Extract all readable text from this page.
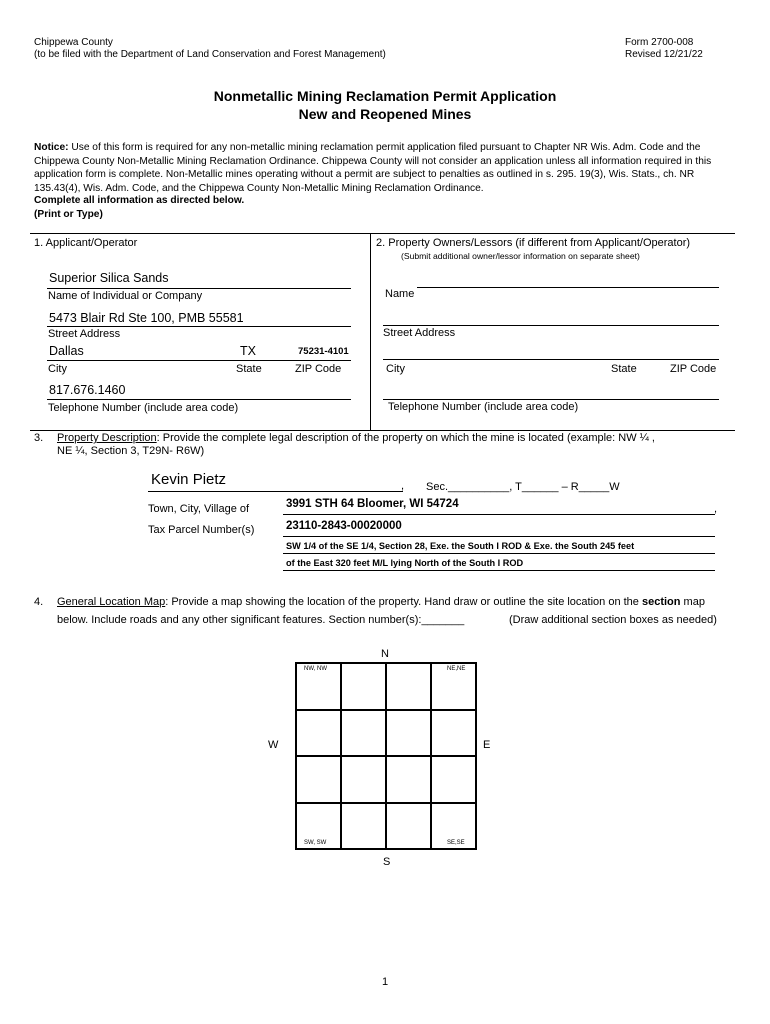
Chippewa County
(to be filed with the Department of Land Conservation and Forest Management)
Form 2700-008
Revised 12/21/22
Nonmetallic Mining Reclamation Permit Application
New and Reopened Mines
Notice: Use of this form is required for any non-metallic mining reclamation permit application filed pursuant to Chapter NR Wis. Adm. Code and the Chippewa County Non-Metallic Mining Reclamation Ordinance. Chippewa County will not consider an application unless all information required in this application form is complete. Non-Metallic mines operating without a permit are subject to penalties as outlined in s. 295. 19(3), Wis. Stats., ch. NR 135.43(4), Wis. Adm. Code, and the Chippewa County Non-Metallic Mining Reclamation Ordinance.
Complete all information as directed below.
(Print or Type)
1. Applicant/Operator
Superior Silica Sands
Name of Individual or Company
5473 Blair Rd Ste 100, PMB 55581
Street Address
Dallas	TX	75231-4101
City	State	ZIP Code
817.676.1460
Telephone Number (include area code)
2. Property Owners/Lessors (if different from Applicant/Operator)
(Submit additional owner/lessor information on separate sheet)
Name
Street Address
City	State	ZIP Code
Telephone Number (include area code)
3. Property Description: Provide the complete legal description of the property on which the mine is located (example: NW ¼ ,
NE ¼, Section 3, T29N- R6W)
Kevin Pietz	, Sec.__________, T______ – R_____W
Town, City, Village of	3991 STH 64 Bloomer, WI 54724	,
Tax Parcel Number(s)	23110-2843-00020000
SW 1/4 of the SE 1/4, Section 28, Exe. the South I ROD & Exe. the South 245 feet
of the East 320 feet M/L lying North of the South I ROD
4. General Location Map: Provide a map showing the location of the property. Hand draw or outline the site location on the section map
below. Include roads and any other significant features. Section number(s):_______	(Draw additional section boxes as needed)
N
S
W	E
NW, NW	NE,NE
SW, SW	SE,SE
1
